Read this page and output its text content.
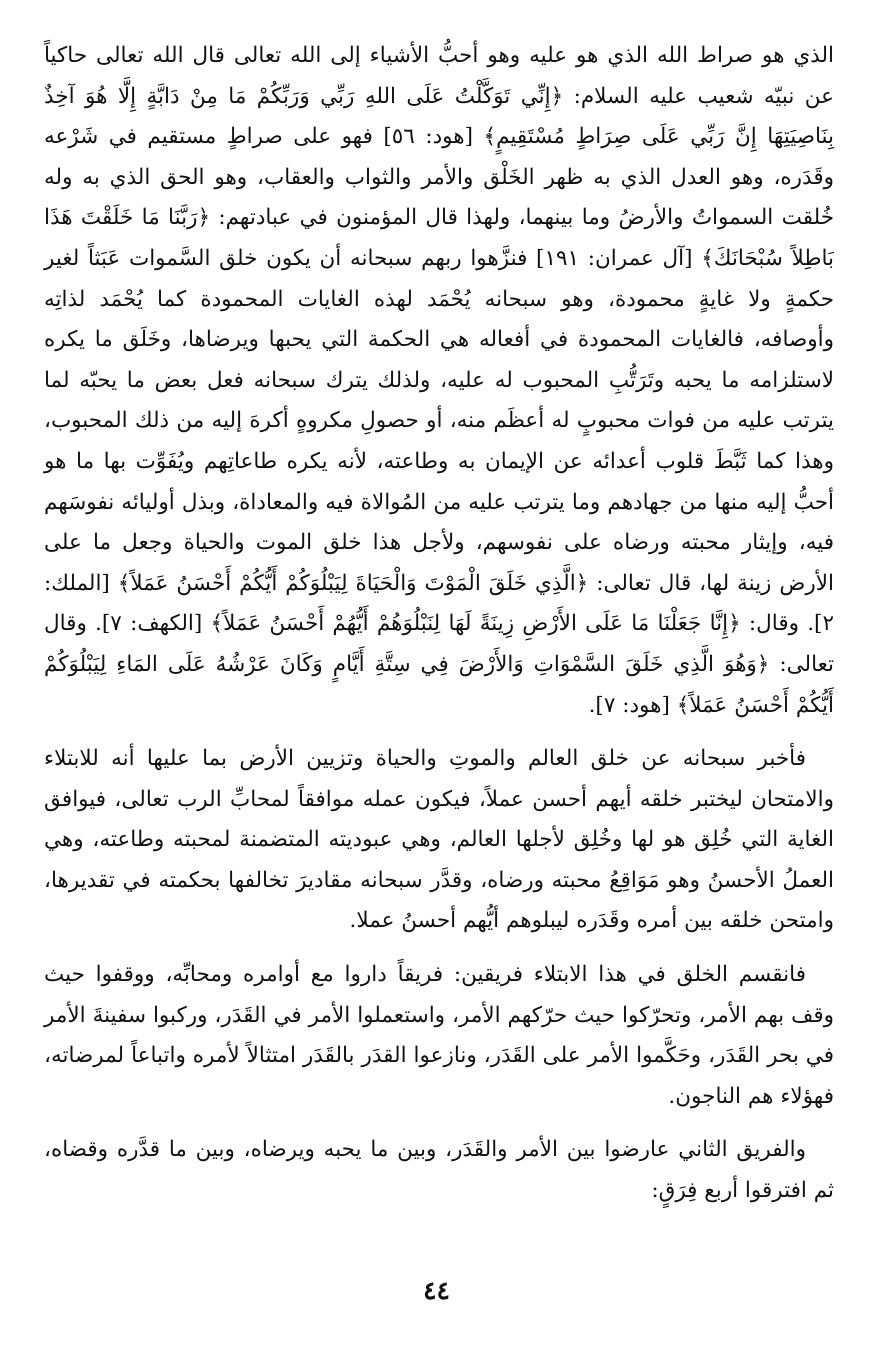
الذي هو صراط الله الذي هو عليه وهو أحبُّ الأشياء إلى الله تعالى قال الله تعالى حاكياً عن نبيّه شعيب عليه السلام: ﴿إِنِّي تَوَكَّلْتُ عَلَى اللهِ رَبِّي وَرَبِّكُمْ مَا مِنْ دَابَّةٍ إِلَّا هُوَ آخِذٌ بِنَاصِيَتِهَا إِنَّ رَبِّي عَلَى صِرَاطٍ مُسْتَقِيمٍ﴾ [هود: ٥٦] فهو على صراطٍ مستقيم في شَرْعه وقَدَره، وهو العدل الذي به ظهر الخَلْق والأمر والثواب والعقاب، وهو الحق الذي به وله خُلقت السمواتُ والأرضُ وما بينهما، ولهذا قال المؤمنون في عبادتهم: ﴿رَبَّنَا مَا خَلَقْتَ هَذَا بَاطِلاً سُبْحَانَكَ﴾ [آل عمران: ١٩١] فنزَّهوا ربهم سبحانه أن يكون خلق السَّموات عَبَثاً لغير حكمةٍ ولا غايةٍ محمودة، وهو سبحانه يُحْمَد لهذه الغايات المحمودة كما يُحْمَد لذاتِه وأوصافه، فالغايات المحمودة في أفعاله هي الحكمة التي يحبها ويرضاها، وخَلَق ما يكره لاستلزامه ما يحبه وتَرَتُّبِ المحبوب له عليه، ولذلك يترك سبحانه فعل بعض ما يحبّه لما يترتب عليه من فوات محبوبٍ له أعظَم منه، أو حصولِ مكروهٍ أكرهَ إليه من ذلك المحبوب، وهذا كما ثَبَّطَ قلوب أعدائه عن الإيمان به وطاعته، لأنه يكره طاعاتِهم ويُفَوِّت بها ما هو أحبُّ إليه منها من جهادهم وما يترتب عليه من المُوالاة فيه والمعاداة، وبذل أوليائه نفوسَهم فيه، وإيثار محبته ورضاه على نفوسهم، ولأجل هذا خلق الموت والحياة وجعل ما على الأرض زينة لها، قال تعالى: ﴿الَّذِي خَلَقَ الْمَوْتَ وَالْحَيَاةَ لِيَبْلُوَكُمْ أَيُّكُمْ أَحْسَنُ عَمَلاً﴾ [الملك: ٢]. وقال: ﴿إِنَّا جَعَلْنَا مَا عَلَى الأَرْضِ زِينَةً لَهَا لِنَبْلُوَهُمْ أَيُّهُمْ أَحْسَنُ عَمَلاً﴾ [الكهف: ٧]. وقال تعالى: ﴿وَهُوَ الَّذِي خَلَقَ السَّمْوَاتِ وَالأَرْضَ فِي سِتَّةِ أَيَّامٍ وَكَانَ عَرْشُهُ عَلَى المَاءِ لِيَبْلُوَكُمْ أَيُّكُمْ أَحْسَنُ عَمَلاً﴾ [هود: ٧].

فأخبر سبحانه عن خلق العالم والموتِ والحياة وتزيين الأرض بما عليها أنه للابتلاء والامتحان ليختبر خلقه أيهم أحسن عملاً، فيكون عمله موافقاً لمحابِّ الرب تعالى، فيوافق الغاية التي خُلِق هو لها وخُلِق لأجلها العالم، وهي عبوديته المتضمنة لمحبته وطاعته، وهي العملُ الأحسنُ وهو مَوَاقِعُ محبته ورضاه، وقدَّر سبحانه مقاديرَ تخالفها بحكمته في تقديرها، وامتحن خلقه بين أمره وقَدَره ليبلوهم أيُّهم أحسنُ عملا.

فانقسم الخلق في هذا الابتلاء فريقين: فريقاً داروا مع أوامره ومحابِّه، ووقفوا حيث وقف بهم الأمر، وتحرّكوا حيث حرّكهم الأمر، واستعملوا الأمر في القَدَر، وركبوا سفينةَ الأمر في بحر القَدَر، وحَكَّموا الأمر على القَدَر، ونازعوا القدَر بالقَدَر امتثالاً لأمره واتباعاً لمرضاته، فهؤلاء هم الناجون.

والفريق الثاني عارضوا بين الأمر والقَدَر، وبين ما يحبه ويرضاه، وبين ما قدَّره وقضاه، ثم افترقوا أربع فِرَقٍ:

٤٤
